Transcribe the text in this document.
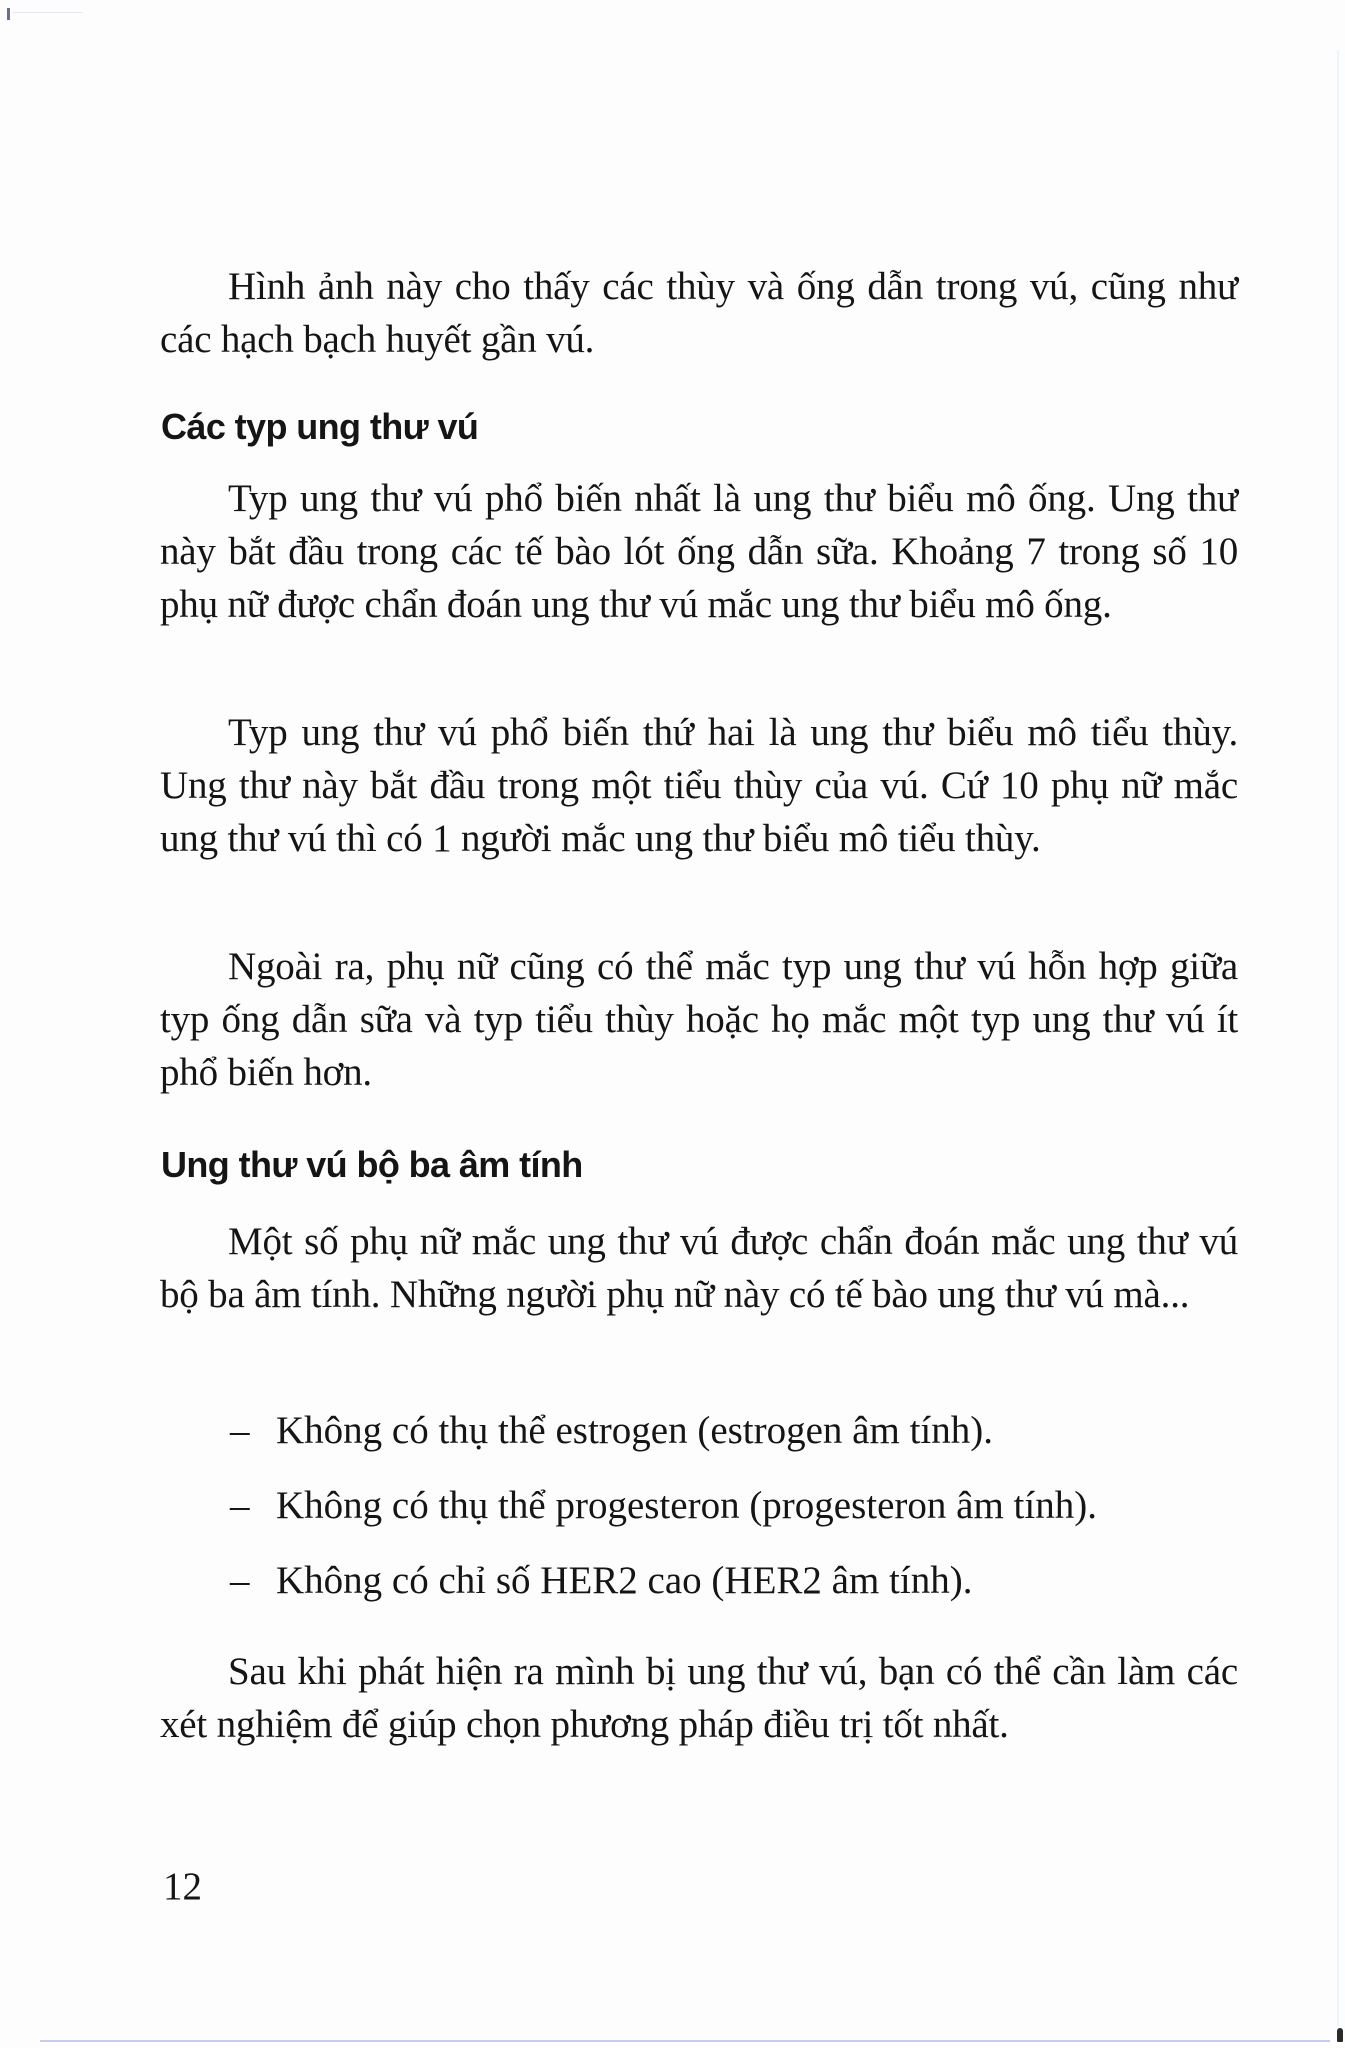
Hình ảnh này cho thấy các thùy và ống dẫn trong vú, cũng như các hạch bạch huyết gần vú.

Các typ ung thư vú

Typ ung thư vú phổ biến nhất là ung thư biểu mô ống. Ung thư này bắt đầu trong các tế bào lót ống dẫn sữa. Khoảng 7 trong số 10 phụ nữ được chẩn đoán ung thư vú mắc ung thư biểu mô ống.

Typ ung thư vú phổ biến thứ hai là ung thư biểu mô tiểu thùy. Ung thư này bắt đầu trong một tiểu thùy của vú. Cứ 10 phụ nữ mắc ung thư vú thì có 1 người mắc ung thư biểu mô tiểu thùy.

Ngoài ra, phụ nữ cũng có thể mắc typ ung thư vú hỗn hợp giữa typ ống dẫn sữa và typ tiểu thùy hoặc họ mắc một typ ung thư vú ít phổ biến hơn.

Ung thư vú bộ ba âm tính

Một số phụ nữ mắc ung thư vú được chẩn đoán mắc ung thư vú bộ ba âm tính. Những người phụ nữ này có tế bào ung thư vú mà...

– Không có thụ thể estrogen (estrogen âm tính).
– Không có thụ thể progesteron (progesteron âm tính).
– Không có chỉ số HER2 cao (HER2 âm tính).

Sau khi phát hiện ra mình bị ung thư vú, bạn có thể cần làm các xét nghiệm để giúp chọn phương pháp điều trị tốt nhất.

12
